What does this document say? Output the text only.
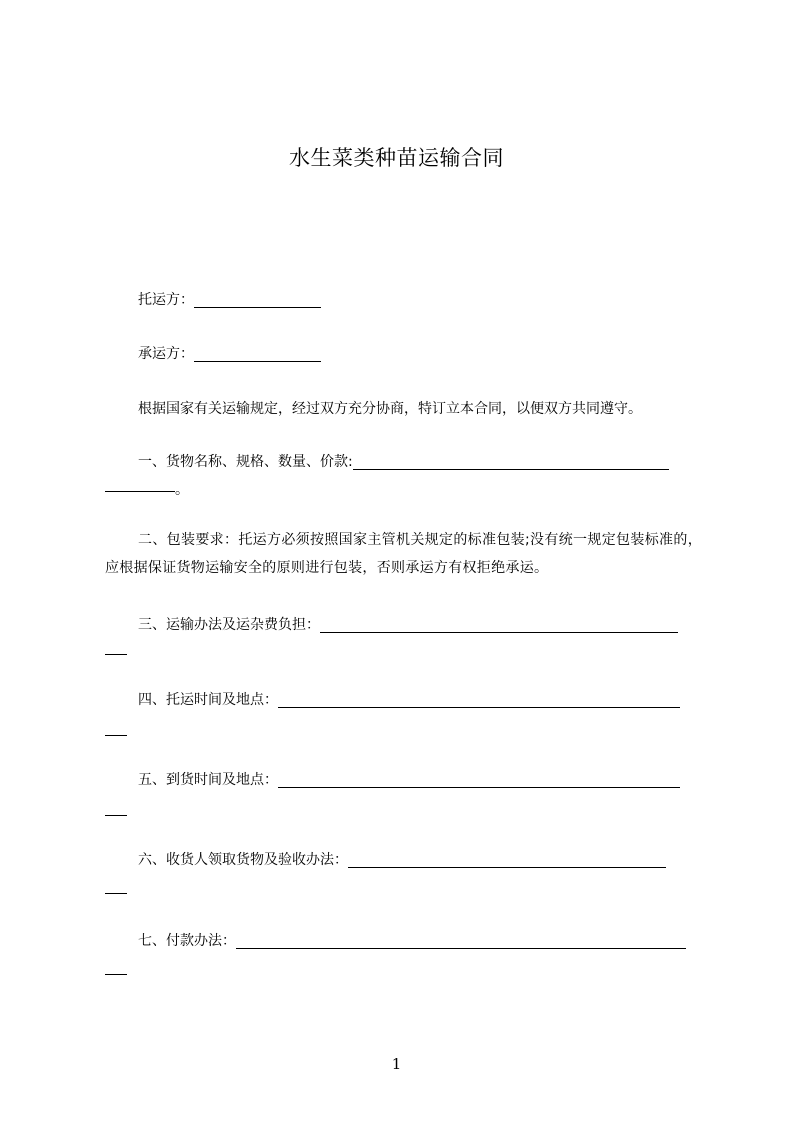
水生菜类种苗运输合同
托运方：
承运方：
根据国家有关运输规定，经过双方充分协商，特订立本合同，以便双方共同遵守。
一、货物名称、规格、数量、价款:
。
二、包装要求：托运方必须按照国家主管机关规定的标准包装;没有统一规定包装标准的，应根据保证货物运输安全的原则进行包装，否则承运方有权拒绝承运。
三、运输办法及运杂费负担：
四、托运时间及地点：
五、到货时间及地点：
六、收货人领取货物及验收办法：
七、付款办法：
1
